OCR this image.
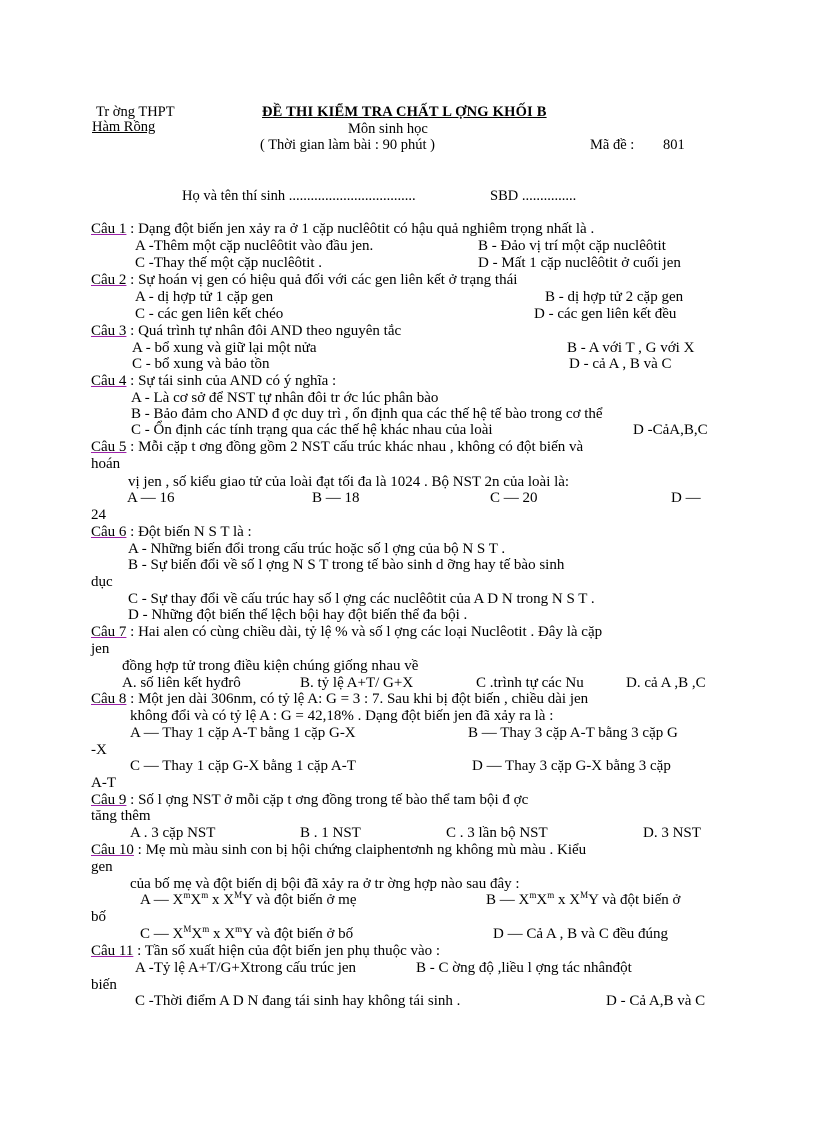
Tr ờng THPT
Hàm Rồng
ĐỀ THI KIỂM TRA CHẤT L ỢNG KHỐI B
Môn sinh học
( Thời gian làm bài : 90 phút )	Mã đề : 801
Họ và tên thí sinh ...................................	SBD ...............
Câu 1 : Dạng đột biến jen xảy ra ở 1 cặp nuclêôtit có hậu quả nghiêm trọng nhất là .
A -Thêm một cặp nuclêôtit vào đầu jen.	B - Đảo vị trí một cặp nuclêôtit
C -Thay thế một cặp nuclêôtit .	D - Mất 1 cặp nuclêôtit ở cuối jen
Câu 2 : Sự hoán vị gen có hiệu quả đối với các gen liên kết ở trạng thái
A - dị hợp tử 1 cặp gen	B - dị hợp tử 2 cặp gen
C - các gen liên kết chéo	D - các gen liên kết đều
Câu 3 : Quá trình tự nhân đôi AND theo nguyên tắc
A - bổ xung và giữ lại một nửa	B - A với T , G với X
C - bổ xung và bảo tồn	D - cả A , B và C
Câu 4 : Sự tái sinh của AND có ý nghĩa :
A - Là cơ sở để NST tự nhân đôi tr ớc lúc phân bào
B - Bảo đảm cho AND đ ợc duy trì , ổn định qua các thế hệ tế bào trong cơ thể
C - Ổn định các tính trạng qua các thế hệ khác nhau của loài	D -CảA,B,C
Câu 5 : Mỗi cặp t ơng đồng gồm 2 NST cấu trúc khác nhau , không có đột biến và
hoán
vị jen , số kiểu giao tử của loài đạt tối đa là 1024 . Bộ NST 2n của loài là:
A — 16	B — 18	C — 20	D —
24
Câu 6 : Đột biến N S T là :
A - Những biến đổi trong cấu trúc hoặc số l ợng của bộ N S T .
B - Sự biến đổi về số l ợng N S T trong tế bào sinh d ỡng hay tế bào sinh
dục
C - Sự thay đổi về cấu trúc hay số l ợng các nuclêôtit của A D N trong N S T .
D - Những đột biến thể lệch bội hay đột biến thể đa bội .
Câu 7 : Hai alen có cùng chiều dài, tỷ lệ % và số l ợng các loại Nuclêotit . Đây là cặp
jen
đồng hợp tử trong điều kiện chúng giống nhau về
A. số liên kết hyđrô	B. tỷ lệ A+T/ G+X	C .trình tự các Nu	D. cả A ,B ,C
Câu 8 : Một jen dài 306nm, có tỷ lệ A: G = 3 : 7. Sau khi bị đột biến , chiều dài jen
không đổi và có tỷ lệ A : G = 42,18% . Dạng đột biến jen đã xảy ra là :
A — Thay 1 cặp A-T bằng 1 cặp G-X	B — Thay 3 cặp A-T bằng 3 cặp G
-X
C — Thay 1 cặp G-X bằng 1 cặp A-T	D — Thay 3 cặp G-X bằng 3 cặp
A-T
Câu 9 : Số l ợng NST ở mỗi cặp t ơng đồng trong tế bào thể tam bội đ ợc
tăng thêm
A . 3 cặp NST	B . 1 NST	C . 3 lần bộ NST	D. 3 NST
Câu 10 : Mẹ mù màu sinh con bị hội chứng claiphentơnh ng không mù màu . Kiểu
gen
của bố mẹ và đột biến dị bội đã xảy ra ở tr ờng hợp nào sau đây :
A — $X^mX^m$ x $X^MY$ và đột biến ở mẹ	B — $X^mX^m$ x $X^MY$ và đột biến ở
bố
C — $X^MX^m$ x $X^mY$ và đột biến ở bố	D — Cả A , B và C đều đúng
Câu 11 : Tần số xuất hiện của đột biến jen phụ thuộc vào :
A -Tỷ lệ A+T/G+Xtrong cấu trúc jen	B - C ờng độ ,liều l ợng tác nhânđột
biến
C -Thời điểm A D N đang tái sinh hay không tái sinh .	D - Cả A,B và C
